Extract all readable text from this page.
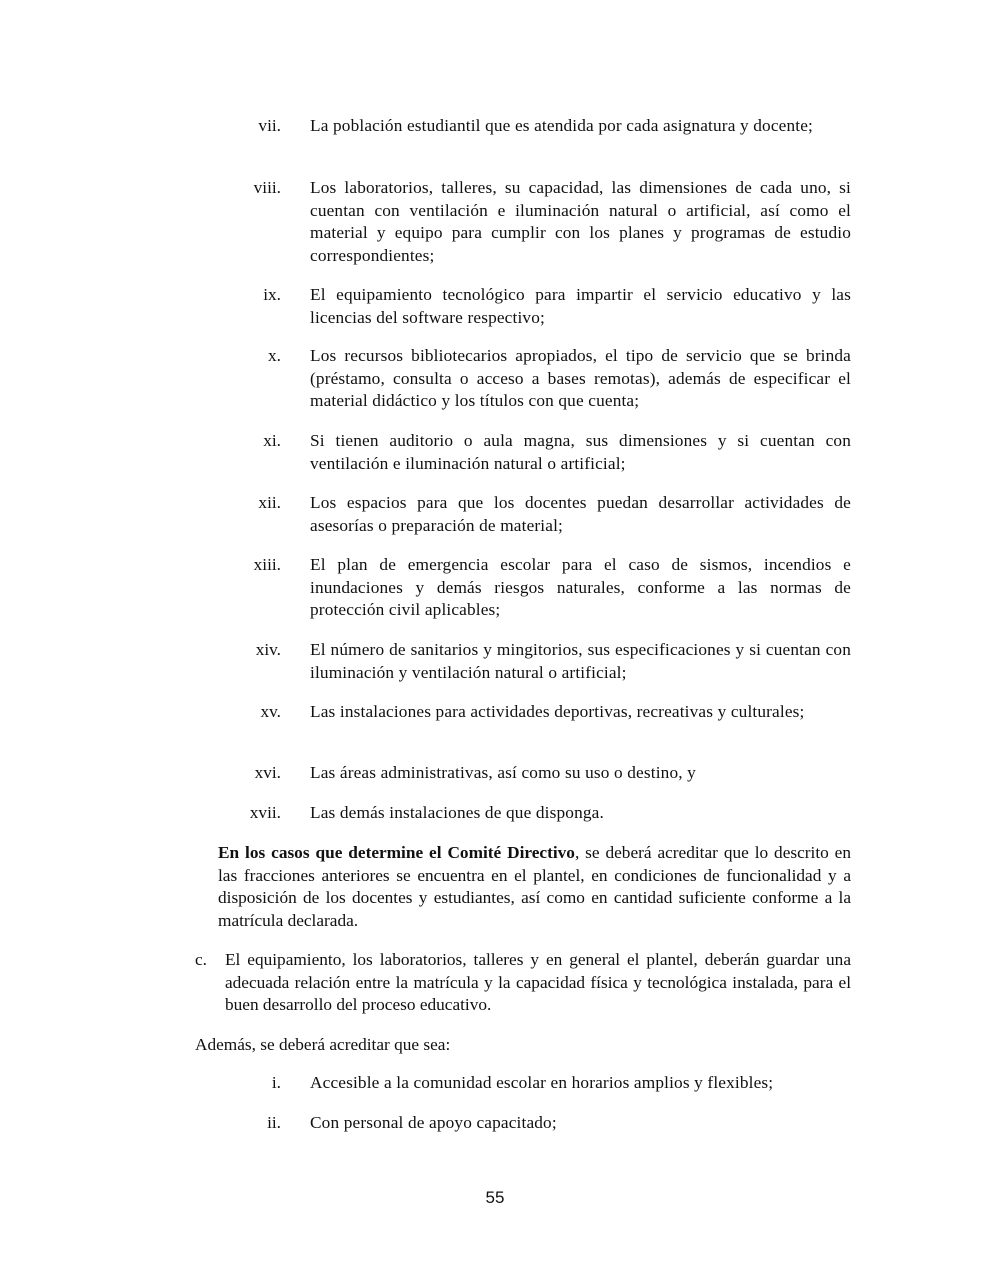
vii. La población estudiantil que es atendida por cada asignatura y docente;
viii. Los laboratorios, talleres, su capacidad, las dimensiones de cada uno, si cuentan con ventilación e iluminación natural o artificial, así como el material y equipo para cumplir con los planes y programas de estudio correspondientes;
ix. El equipamiento tecnológico para impartir el servicio educativo y las licencias del software respectivo;
x. Los recursos bibliotecarios apropiados, el tipo de servicio que se brinda (préstamo, consulta o acceso a bases remotas), además de especificar el material didáctico y los títulos con que cuenta;
xi. Si tienen auditorio o aula magna, sus dimensiones y si cuentan con ventilación e iluminación natural o artificial;
xii. Los espacios para que los docentes puedan desarrollar actividades de asesorías o preparación de material;
xiii. El plan de emergencia escolar para el caso de sismos, incendios e inundaciones y demás riesgos naturales, conforme a las normas de protección civil aplicables;
xiv. El número de sanitarios y mingitorios, sus especificaciones y si cuentan con iluminación y ventilación natural o artificial;
xv. Las instalaciones para actividades deportivas, recreativas y culturales;
xvi. Las áreas administrativas, así como su uso o destino, y
xvii. Las demás instalaciones de que disponga.
En los casos que determine el Comité Directivo, se deberá acreditar que lo descrito en las fracciones anteriores se encuentra en el plantel, en condiciones de funcionalidad y a disposición de los docentes y estudiantes, así como en cantidad suficiente conforme a la matrícula declarada.
c. El equipamiento, los laboratorios, talleres y en general el plantel, deberán guardar una adecuada relación entre la matrícula y la capacidad física y tecnológica instalada, para el buen desarrollo del proceso educativo.
Además, se deberá acreditar que sea:
i. Accesible a la comunidad escolar en horarios amplios y flexibles;
ii. Con personal de apoyo capacitado;
55
